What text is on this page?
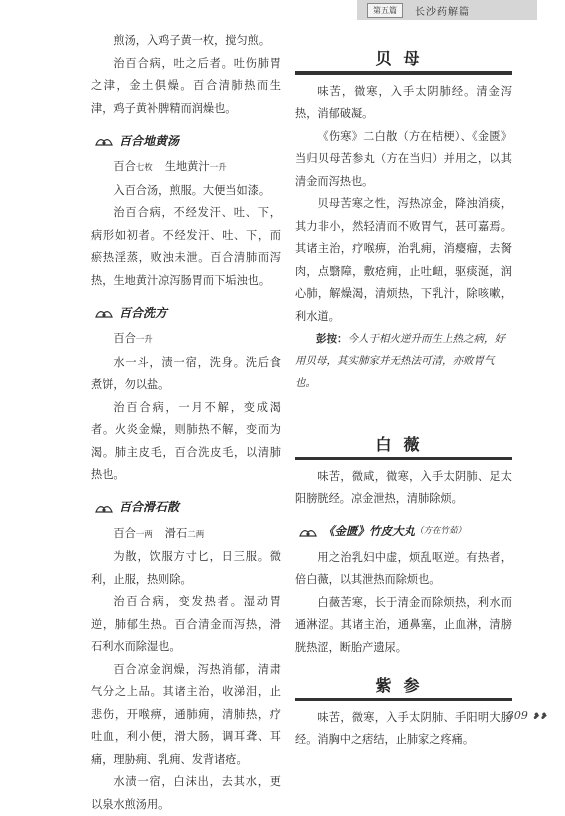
第五篇	长沙药解篇

煎汤，入鸡子黄一枚，搅匀煎。

治百合病，吐之后者。吐伤肺胃之津，金土俱燥。百合清肺热而生津，鸡子黄补脾精而润燥也。

百合地黄汤

百合七枚 生地黄汁一升

入百合汤，煎服。大便当如漆。

治百合病，不经发汗、吐、下，病形如初者。不经发汗、吐、下，而瘀热淫蒸，败浊未泄。百合清肺而泻热，生地黄汁凉泻肠胃而下垢浊也。

百合洗方

百合一升

水一斗，渍一宿，洗身。洗后食煮饼，勿以盐。

治百合病，一月不解，变成渴者。火炎金燥，则肺热不解，变而为渴。肺主皮毛，百合洗皮毛，以清肺热也。

百合滑石散

百合一两 滑石二两

为散，饮服方寸匕，日三服。微利，止服，热则除。

治百合病，变发热者。湿动胃逆，肺郁生热。百合清金而泻热，滑石利水而除湿也。

百合凉金润燥，泻热消郁，清肃气分之上品。其诸主治，收涕泪，止悲伤，开喉痹，通肺痈，清肺热，疗吐血，利小便，滑大肠，调耳聋、耳痛，理胁痈、乳痈、发背诸疮。

水渍一宿，白沫出，去其水，更以泉水煎汤用。

贝母

味苦，微寒，入手太阴肺经。清金泻热，消郁破凝。

《伤寒》二白散（方在桔梗）、《金匮》当归贝母苦参丸（方在当归）并用之，以其清金而泻热也。

贝母苦寒之性，泻热凉金，降浊消痰，其力非小，然轻清而不败胃气，甚可嘉焉。其诸主治，疗喉痹，治乳痈，消瘿瘤，去胬肉，点翳障，敷疮痈，止吐衄，驱痰涎，润心肺，解燥渴，清烦热，下乳汁，除咳嗽，利水道。

彭按：今人于相火逆升而生上热之病，好用贝母，其实肺家并无热法可清，亦败胃气也。

白薇

味苦，微咸，微寒，入手太阴肺、足太阳膀胱经。凉金泄热，清肺除烦。

《金匮》竹皮大丸 （方在竹茹）

用之治乳妇中虚，烦乱呕逆。有热者，倍白薇，以其泄热而除烦也。

白薇苦寒，长于清金而除烦热，利水而通淋涩。其诸主治，通鼻塞，止血淋，清膀胱热涩，断胎产遗尿。

紫参

味苦，微寒，入手太阴肺、手阳明大肠经。消胸中之痞结，止肺家之疼痛。

309 ❥❥
